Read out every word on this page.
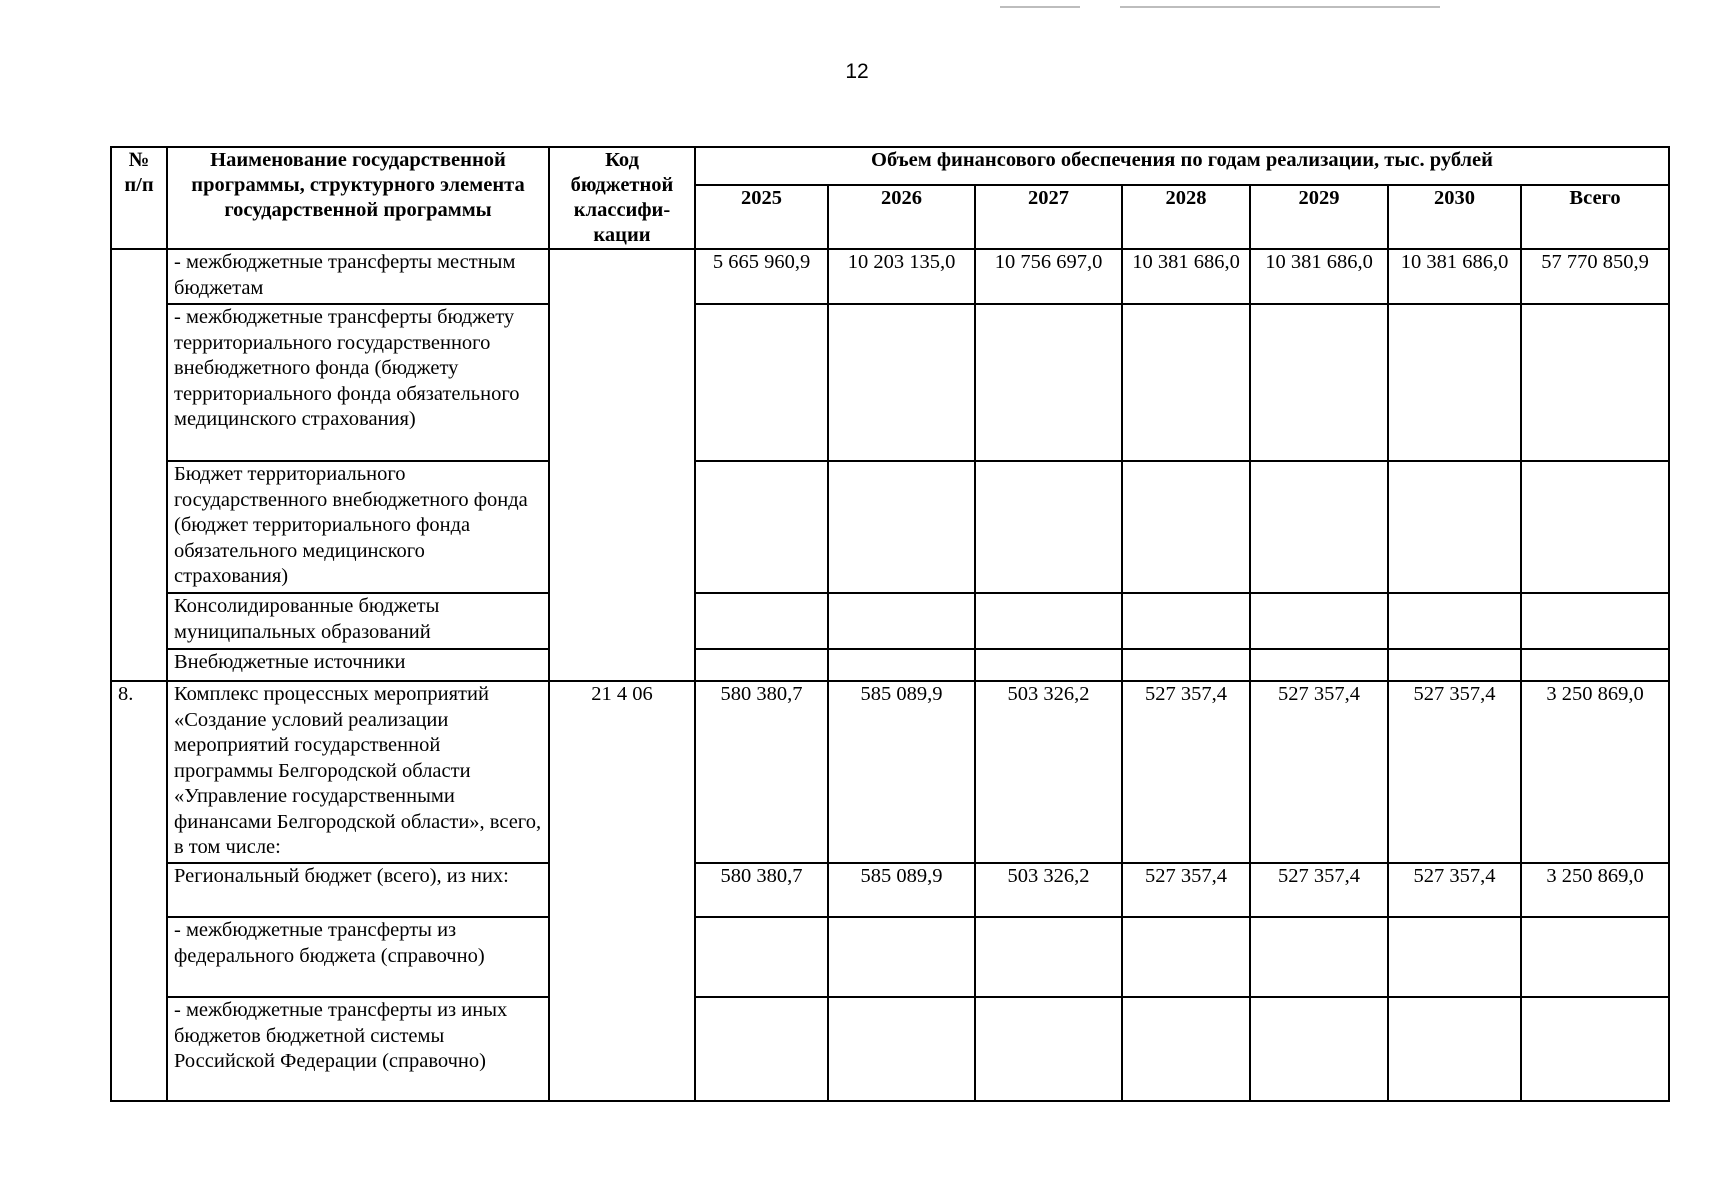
12
№ п/п	Наименование государственной программы, структурного элемента государственной программы	Код бюджетной классифи- кации	Объем финансового обеспечения по годам реализации, тыс. рублей						
			2025	2026	2027	2028	2029	2030	Всего
	- межбюджетные трансферты местным бюджетам		5 665 960,9	10 203 135,0	10 756 697,0	10 381 686,0	10 381 686,0	10 381 686,0	57 770 850,9
	- межбюджетные трансферты бюджету территориального государственного внебюджетного фонда (бюджету территориального фонда обязательного медицинского страхования)								
	Бюджет территориального государственного внебюджетного фонда (бюджет территориального фонда обязательного медицинского страхования)								
	Консолидированные бюджеты муниципальных образований								
	Внебюджетные источники								
8.	Комплекс процессных мероприятий «Создание условий реализации мероприятий государственной программы Белгородской области «Управление государственными финансами Белгородской области», всего, в том числе:	21 4 06	580 380,7	585 089,9	503 326,2	527 357,4	527 357,4	527 357,4	3 250 869,0
	Региональный бюджет (всего), из них:		580 380,7	585 089,9	503 326,2	527 357,4	527 357,4	527 357,4	3 250 869,0
	- межбюджетные трансферты из федерального бюджета (справочно)								
	- межбюджетные трансферты из иных бюджетов бюджетной системы Российской Федерации (справочно)								
